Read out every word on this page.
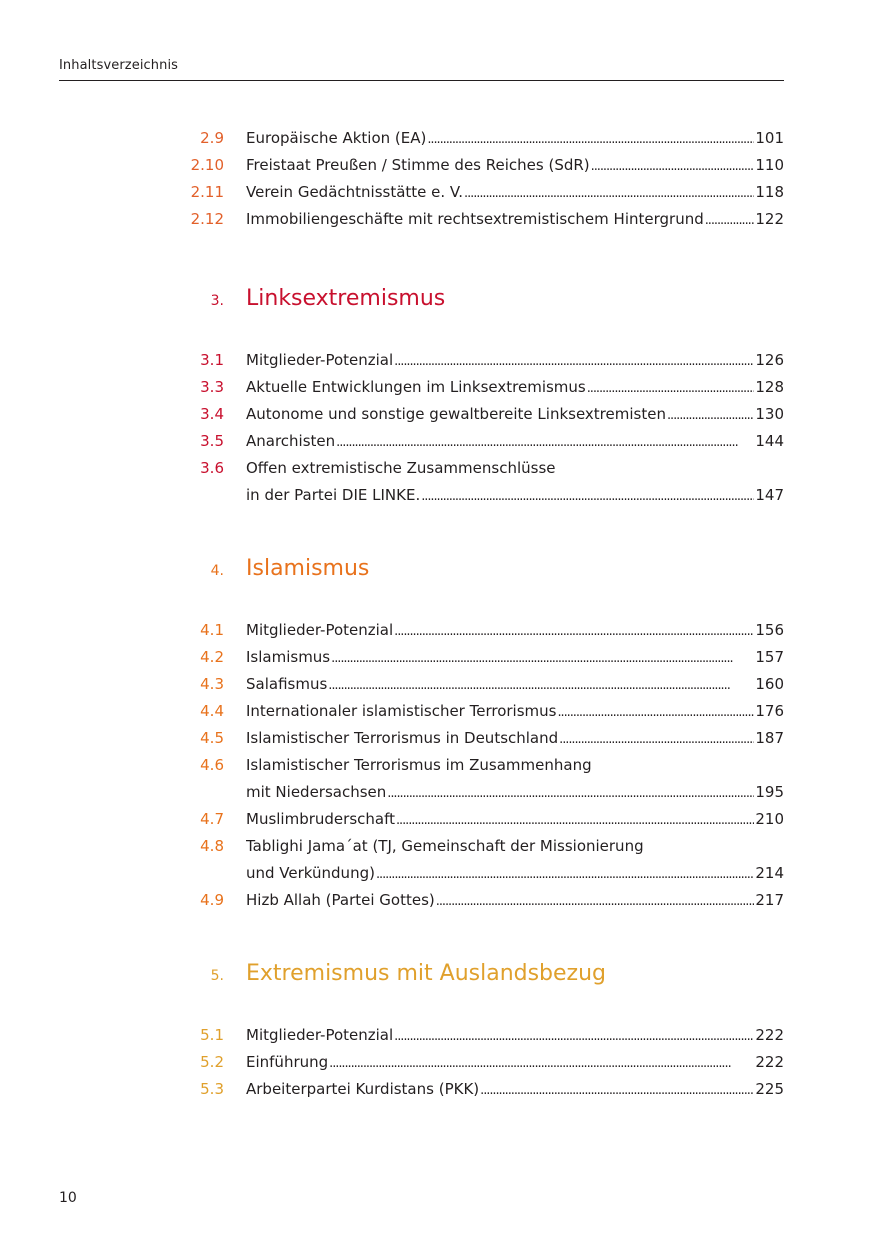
Inhaltsverzeichnis
2.9 Europäische Aktion (EA) . . .	101
2.10 Freistaat Preußen / Stimme des Reiches (SdR) . . .	110
2.11 Verein Gedächtnisstätte e. V. . . .	118
2.12 Immobiliengeschäfte mit rechtsextremistischem Hintergrund . . .	122
3. Linksextremismus
3.1 Mitglieder-Potenzial . . .	126
3.3 Aktuelle Entwicklungen im Linksextremismus . . .	128
3.4 Autonome und sonstige gewaltbereite Linksextremisten . . .	130
3.5 Anarchisten . . .	144
3.6 Offen extremistische Zusammenschlüsse
in der Partei DIE LINKE. . . .	147
4. Islamismus
4.1 Mitglieder-Potenzial . . .	156
4.2 Islamismus . . .	157
4.3 Salafismus . . .	160
4.4 Internationaler islamistischer Terrorismus . . .	176
4.5 Islamistischer Terrorismus in Deutschland . . .	187
4.6 Islamistischer Terrorismus im Zusammenhang
mit Niedersachsen . . .	195
4.7 Muslimbruderschaft . . .	210
4.8 Tablighi Jama´at (TJ, Gemeinschaft der Missionierung
und Verkündung) . . .	214
4.9 Hizb Allah (Partei Gottes) . . .	217
5. Extremismus mit Auslandsbezug
5.1 Mitglieder-Potenzial . . .	222
5.2 Einführung . . .	222
5.3 Arbeiterpartei Kurdistans (PKK) . . .	225
10
